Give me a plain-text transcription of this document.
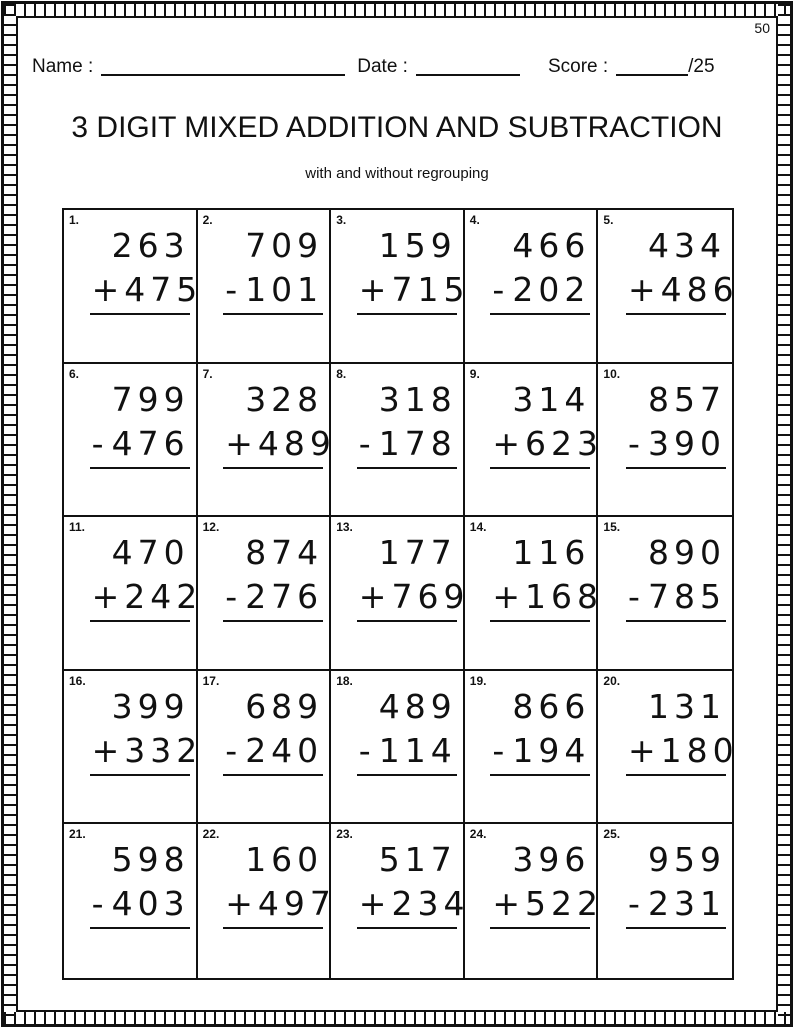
50
Name :	Date :	Score :	/25
3 DIGIT MIXED ADDITION AND SUBTRACTION
with and without regrouping
1.
263
+ 475
2.
709
- 101
3.
159
+ 715
4.
466
- 202
5.
434
+ 486
6.
799
- 476
7.
328
+ 489
8.
318
- 178
9.
314
+ 623
10.
857
- 390
11.
470
+ 242
12.
874
- 276
13.
177
+ 769
14.
116
+ 168
15.
890
- 785
16.
399
+ 332
17.
689
- 240
18.
489
- 114
19.
866
- 194
20.
131
+ 180
21.
598
- 403
22.
160
+ 497
23.
517
+ 234
24.
396
+ 522
25.
959
- 231
